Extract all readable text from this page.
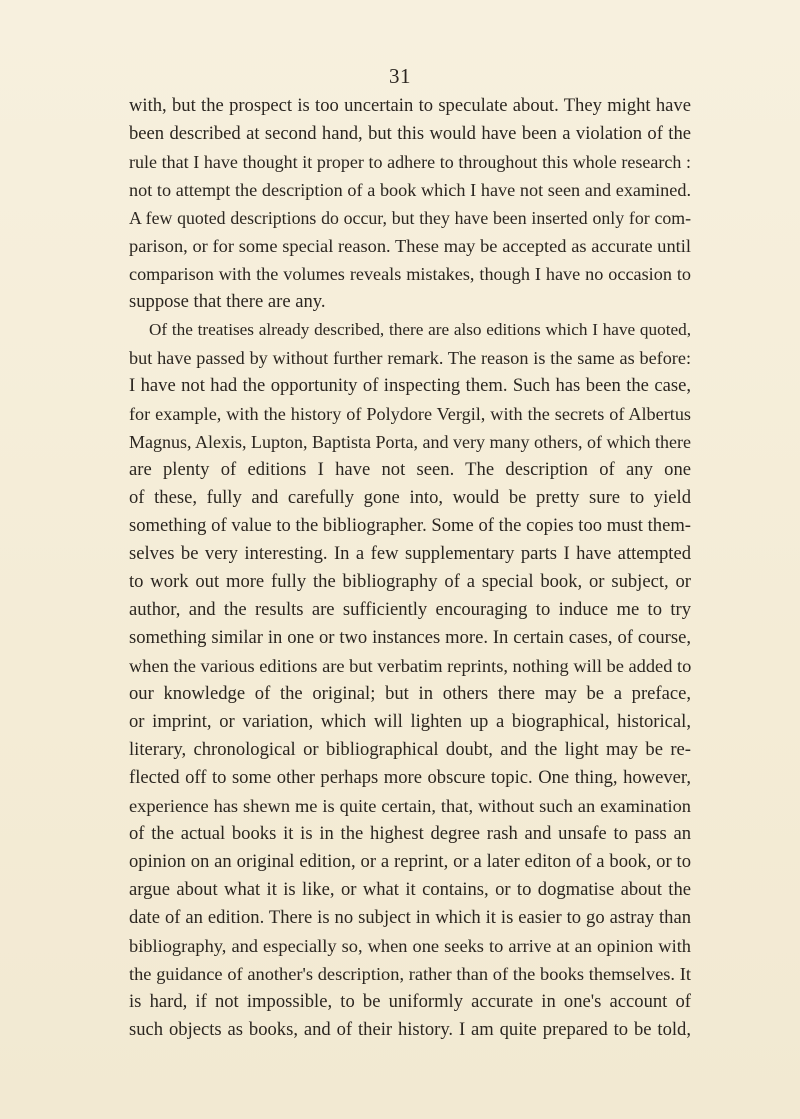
31
with, but the prospect is too uncertain to speculate about. They might have
been described at second hand, but this would have been a violation of the
rule that I have thought it proper to adhere to throughout this whole research :
not to attempt the description of a book which I have not seen and examined.
A few quoted descriptions do occur, but they have been inserted only for com-
parison, or for some special reason. These may be accepted as accurate until
comparison with the volumes reveals mistakes, though I have no occasion to
suppose that there are any.
Of the treatises already described, there are also editions which I have quoted,
but have passed by without further remark. The reason is the same as before:
I have not had the opportunity of inspecting them. Such has been the case,
for example, with the history of Polydore Vergil, with the secrets of Albertus
Magnus, Alexis, Lupton, Baptista Porta, and very many others, of which there
are plenty of editions I have not seen. The description of any one
of these, fully and carefully gone into, would be pretty sure to yield
something of value to the bibliographer. Some of the copies too must them-
selves be very interesting. In a few supplementary parts I have attempted
to work out more fully the bibliography of a special book, or subject, or
author, and the results are sufficiently encouraging to induce me to try
something similar in one or two instances more. In certain cases, of course,
when the various editions are but verbatim reprints, nothing will be added to
our knowledge of the original; but in others there may be a preface,
or imprint, or variation, which will lighten up a biographical, historical,
literary, chronological or bibliographical doubt, and the light may be re-
flected off to some other perhaps more obscure topic. One thing, however,
experience has shewn me is quite certain, that, without such an examination
of the actual books it is in the highest degree rash and unsafe to pass an
opinion on an original edition, or a reprint, or a later editon of a book, or to
argue about what it is like, or what it contains, or to dogmatise about the
date of an edition. There is no subject in which it is easier to go astray than
bibliography, and especially so, when one seeks to arrive at an opinion with
the guidance of another's description, rather than of the books themselves. It
is hard, if not impossible, to be uniformly accurate in one's account of
such objects as books, and of their history. I am quite prepared to be told,
